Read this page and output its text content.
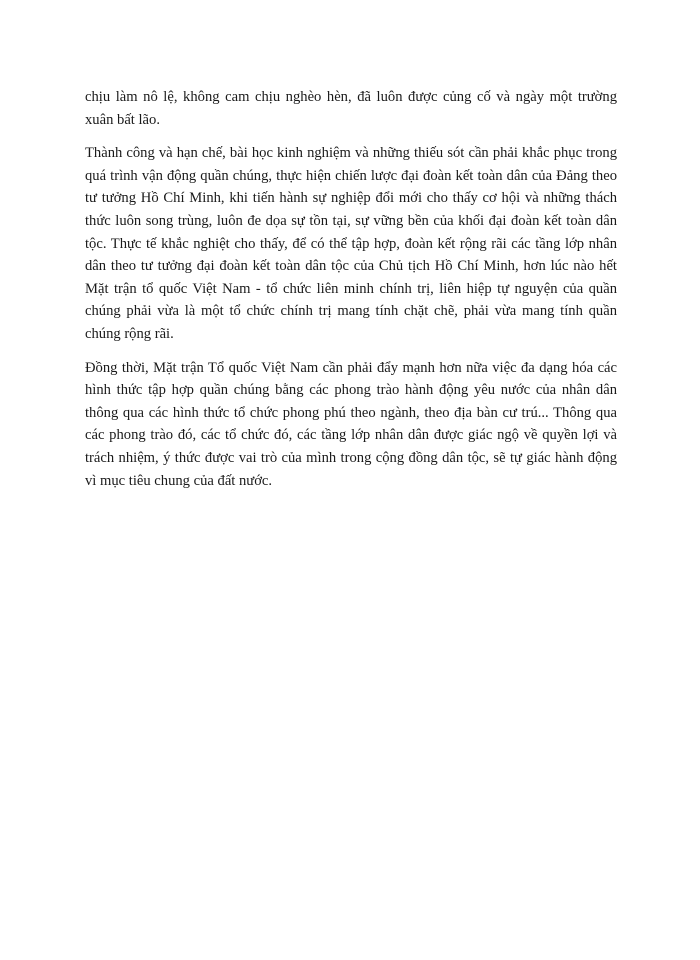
chịu làm nô lệ, không cam chịu nghèo hèn, đã luôn được củng cố và ngày một trường
xuân bất lão.

Thành công và hạn chế, bài học kinh nghiệm và những thiếu sót cần phải khắc phục trong
quá trình vận động quần chúng, thực hiện chiến lược đại đoàn kết toàn dân của Đảng theo
tư tưởng Hồ Chí Minh, khi tiến hành sự nghiệp đổi mới cho thấy cơ hội và những thách
thức luôn song trùng, luôn đe dọa sự tồn tại, sự vững bền của khối đại đoàn kết toàn dân
tộc. Thực tế khắc nghiệt cho thấy, để có thể tập hợp, đoàn kết rộng rãi các tầng lớp nhân
dân theo tư tưởng đại đoàn kết toàn dân tộc của Chủ tịch Hồ Chí Minh, hơn lúc nào hết
Mặt trận tổ quốc Việt Nam - tổ chức liên minh chính trị, liên hiệp tự nguyện của quần
chúng phải vừa là một tổ chức chính trị mang tính chặt chẽ, phải vừa mang tính quần
chúng rộng rãi.

Đồng thời, Mặt trận Tổ quốc Việt Nam cần phải đẩy mạnh hơn nữa việc đa dạng hóa các
hình thức tập hợp quần chúng bằng các phong trào hành động yêu nước của nhân dân
thông qua các hình thức tổ chức phong phú theo ngành, theo địa bàn cư trú... Thông qua
các phong trào đó, các tổ chức đó, các tầng lớp nhân dân được giác ngộ về quyền lợi và
trách nhiệm, ý thức được vai trò của mình trong cộng đồng dân tộc, sẽ tự giác hành động
vì mục tiêu chung của đất nước.
